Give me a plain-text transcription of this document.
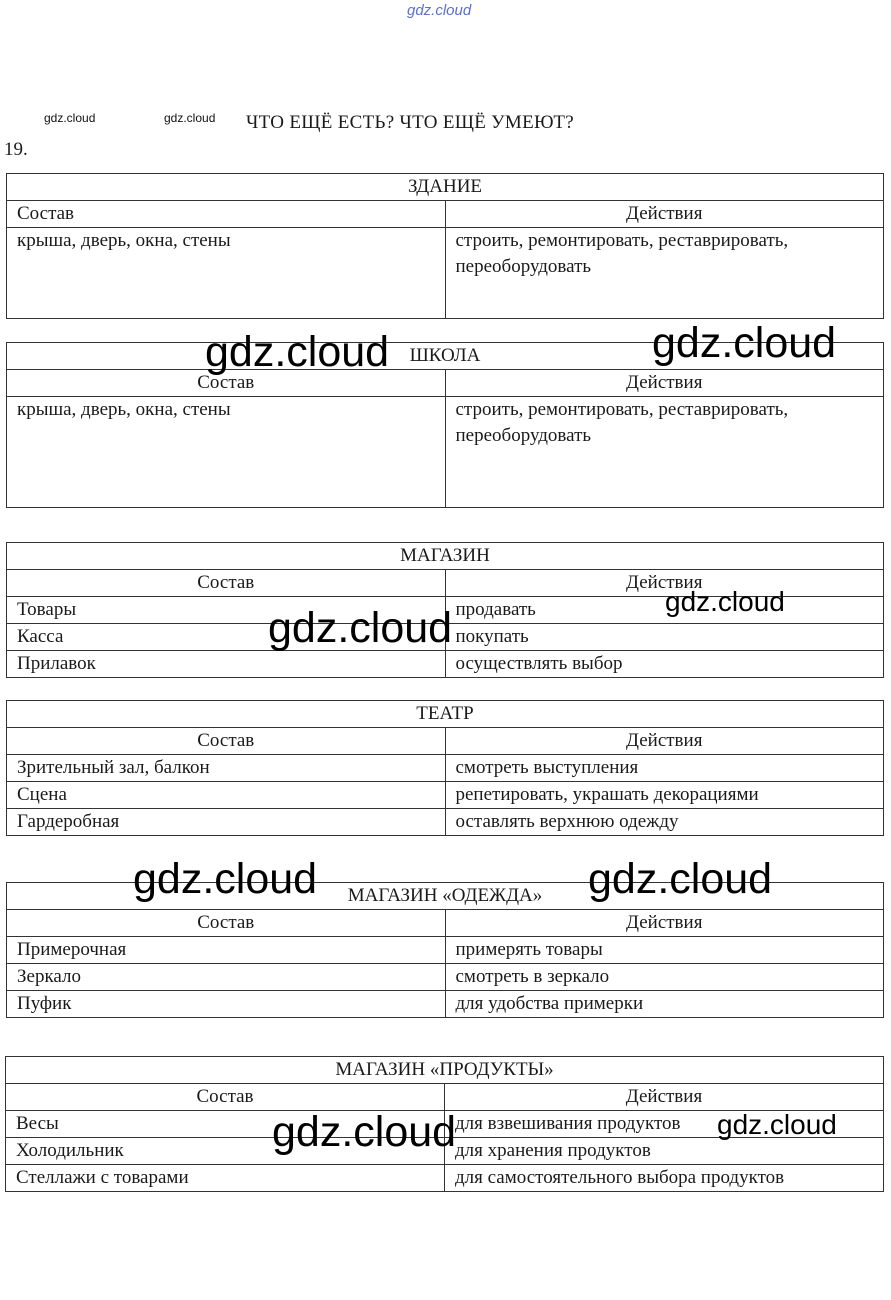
gdz.cloud
gdz.cloud	gdz.cloud ЧТО ЕЩЁ ЕСТЬ? ЧТО ЕЩЁ УМЕЮТ?
19.
ЗДАНИЕ	
Состав	Действия
крыша, дверь, окна, стены	строить, ремонтировать, реставрировать, переоборудовать
ШКОЛА	
Состав	Действия
крыша, дверь, окна, стены	строить, ремонтировать, реставрировать, переоборудовать
МАГАЗИН	
Состав	Действия
Товары	продавать
Касса	покупать
Прилавок	осуществлять выбор
ТЕАТР	
Состав	Действия
Зрительный зал, балкон	смотреть выступления
Сцена	репетировать, украшать декорациями
Гардеробная	оставлять верхнюю одежду
МАГАЗИН «ОДЕЖДА»	
Состав	Действия
Примерочная	примерять товары
Зеркало	смотреть в зеркало
Пуфик	для удобства примерки
МАГАЗИН «ПРОДУКТЫ»	
Состав	Действия
Весы	для взвешивания продуктов
Холодильник	для хранения продуктов
Стеллажи с товарами	для самостоятельного выбора продуктов
gdz.cloud	gdz.cloud
gdz.cloud
gdz.cloud
gdz.cloud	gdz.cloud
gdz.cloud	gdz.cloud
